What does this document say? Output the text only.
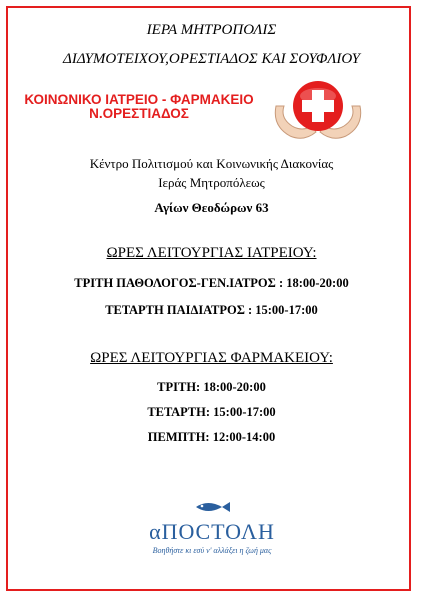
ΙΕΡΑ ΜΗΤΡΟΠΟΛΙΣ
ΔΙΔΥΜΟΤΕΙΧΟΥ,ΟΡΕΣΤΙΑΔΟΣ ΚΑΙ ΣΟΥΦΛΙΟΥ
ΚΟΙΝΩΝΙΚΟ ΙΑΤΡΕΙΟ - ΦΑΡΜΑΚΕΙΟ
Ν.ΟΡΕΣΤΙΑΔΟΣ
Κέντρο Πολιτισμού και Κοινωνικής Διακονίας
Ιεράς Μητροπόλεως
Αγίων Θεοδώρων 63
ΩΡΕΣ ΛΕΙΤΟΥΡΓΙΑΣ ΙΑΤΡΕΙΟΥ:
ΤΡΙΤΗ ΠΑΘΟΛΟΓΟΣ-ΓΕΝ.ΙΑΤΡΟΣ : 18:00-20:00
ΤΕΤΑΡΤΗ ΠΑΙΔΙΑΤΡΟΣ : 15:00-17:00
ΩΡΕΣ ΛΕΙΤΟΥΡΓΙΑΣ ΦΑΡΜΑΚΕΙΟΥ:
ΤΡΙΤΗ: 18:00-20:00
ΤΕΤΑΡΤΗ: 15:00-17:00
ΠΕΜΠΤΗ: 12:00-14:00
αΠΟCΤΟΛΗ
Βοηθήστε κι εσύ ν' αλλάξει η ζωή μας
